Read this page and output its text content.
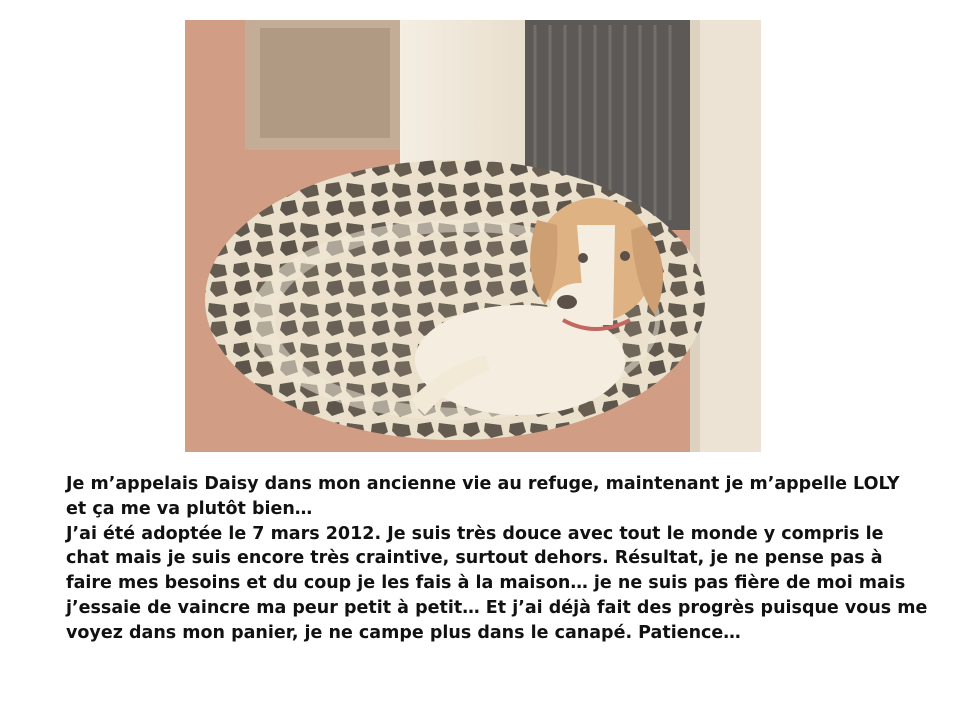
Je m’appelais Daisy dans mon ancienne vie au refuge, maintenant je m’appelle LOLY
et ça me va plutôt bien…
J’ai été adoptée le 7 mars 2012. Je suis très douce avec tout le monde y compris le
chat mais je suis encore très craintive, surtout dehors. Résultat, je ne pense pas à
faire mes besoins et du coup je les fais à la maison… je ne suis pas fière de moi mais
j’essaie de vaincre ma peur petit à petit… Et j’ai déjà fait des progrès puisque vous me
voyez dans mon panier, je ne campe plus dans le canapé. Patience…
